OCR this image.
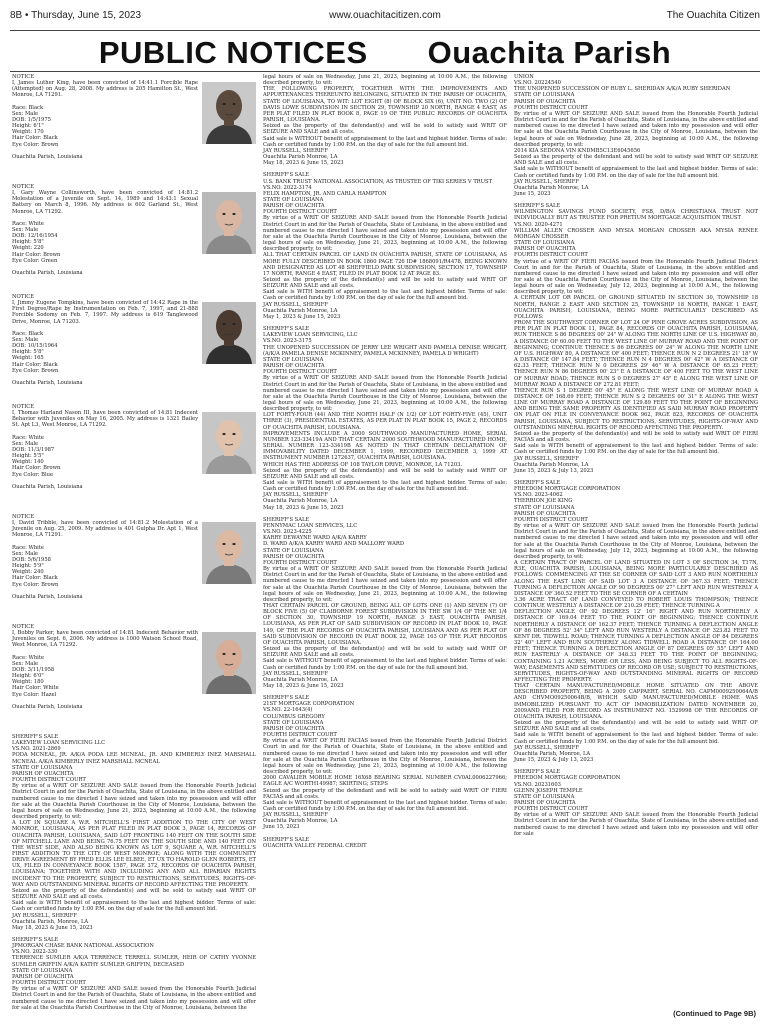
8B • Thursday, June 15, 2023	www.ouachitacitizen.com	The Ouachita Citizen
PUBLIC NOTICES Ouachita Parish

NOTICE

I, James Luther King, have been convicted of 14:41.1 Forcible Rape (Attempted) on Aug. 28, 2008. My address is 205 Hamilton St., West Monroe, LA 71291.

Race: Black

Sex: Male

DOB: 1/5/1975

Height: 6'1"

Weight: 170

Hair Color: Black

Eye Color: Brown

Ouachita Parish, Louisiana

NOTICE

I, Gary Wayne Collinsworth, have been convicted of 14:81.2 Molestation of a Juvenile on Sept. 14, 1989 and 14:43.1 Sexual Battery on March 8, 1996. My address is 602 Garland St., West Monroe, LA 71292.

Race: White

Sex: Male

DOB: 12/16/1954

Height: 5'8"

Weight: 220

Hair Color: Brown

Eye Color: Green

Ouachita Parish, Louisiana

NOTICE

I, Jimmy Eugene Tompkins, have been convicted of 14:42 Rape in the First Degree/Rape by Instrumentation on Feb. 7, 1997, and 21-888 Forcible Sodomy on Feb. 7, 1997. My address is 619 Tanglewood Drive, Monroe, LA 71203.

Race: Black

Sex: Male

DOB: 10/15/1964

Height: 5'8"

Weight: 165

Hair Color: Black

Eye Color: Brown

Ouachita Parish, Louisiana

NOTICE

I, Thomas Harland Nason III, have been convicted of 14:81 Indecent Behavior with Juveniles on May 16, 2005. My address is 1321 Bailey St. Apt L3, West Monroe, LA 71292.

Race: White

Sex: Male

DOB: 11/3/1987

Height: 5'5"

Weight: 140

Hair Color: Brown

Eye Color: Blue

Ouachita Parish, Louisiana

NOTICE

I, David Tribble, have been convicted of 14:81.2 Molestation of a Juvenile on Aug. 25, 2009. My address is 401 Gulpha Dr. Apt 1, West Monroe, LA 71291.

Race: White

Sex: Male

DOB: 5/6/1958

Height: 5'9"

Weight: 240

Hair Color: Black

Eye Color: Brown

Ouachita Parish, Louisiana

NOTICE

I, Bobby Parker, have been convicted of 14:81 Indecent Behavior with Juveniles on Sept. 6, 2006. My address is 1000 Watson School Road, West Monroe, LA 71292.

Race: White

Sex: Male

DOB: 3/11/1958

Height: 6'0"

Weight: 180

Hair Color: White

Eye Color: Hazel

Ouachita Parish, Louisiana

SHERIFF'S SALE

LAKEVIEW LOAN SERVICING LLC

VS.NO. 2021-2869

PODA MCNEAL, JR. A/K/A PODA LEE MCNEAL, JR. AND KIMBERLY INEZ MARSHALL MCNEAL A/K/A KIMBERLY INEZ MARSHALL MCNEAL

STATE OF LOUISIANA

PARISH OF OUACHITA

FOURTH DISTRICT COURT

By virtue of a WRIT OF SEIZURE AND SALE issued from the Honorable Fourth Judicial District Court in and for the Parish of Ouachita, State of Louisiana, in the above entitled and numbered cause to me directed I have seized and taken into my possession and will offer for sale at the Ouachita Parish Courthouse in the City of Monroe, Louisiana, between the legal hours of sale on Wednesday, June 21, 2023, beginning at 10:00 A.M., the following described property, to wit:

A LOT IN SQUARE A W.R. MITCHELL'S FIRST ADDITION TO THE CITY OF WEST MONROE, LOUISIANA, AS PER PLAT FILED IN PLAT BOOK 3, PAGE 14, RECORDS OF OUACHITA PARISH, LOUISIANA, SAID LOT FRONTING 140 FEET ON THE SOUTH SIDE OF MITCHELL LANE AND BEING 76.75 FEET ON THE SOUTH SIDE AND 140 FEET ON THE WEST SIDE, AND ALSO BEING KNOWN AS LOT 9, SQUARE A, W.R. MITCHELL'S FIRST ADDITION TO THE CITY OF WEST MONROE; ALONG WITH THE COMMUNITY DRIVE AGREEMENT BY FRED ELLIS LEE ELBEE, ET UX TO HAROLD GLEN ROBERTS, ET UX, FILED IN CONVEYANCE BOOK 1587, PAGE 372, RECORDS OF OUACHITA PARISH, LOUISIANA; TOGETHER WITH AND INCLUDING ANY AND ALL RIPARIAN RIGHTS INCIDENT TO THE PROPERTY, SUBJECT TO RESTRICTIONS, SERVITUDES, RIGHTS-OF-WAY AND OUTSTANDING MINERAL RIGHTS OF RECORD AFFECTING THE PROPERTY.

Seized as the property of the defendant(s) and will be sold to satisfy said WRIT OF SEIZURE AND SALE and all costs.

Said sale is WITH benefit of appraisement to the last and highest bidder. Terms of sale: Cash or certified funds by 1:00 P.M. on the day of sale for the full amount bid.

JAY RUSSELL, SHERIFF

Ouachita Parish, Monroe, LA

May 18, 2023 & June 15, 2023

SHERIFF'S SALE

JPMORGAN CHASE BANK NATIONAL ASSOCIATION

VS.NO. 2022-330

TERRENCE SUMLER A/K/A TERRENCE TERRELL SUMLER, HEIR OF CATHY YVONNE SUMLER GRIFFIN A/K/A KATHY SUMLER GRIFFIN, DECEASED

STATE OF LOUISIANA

PARISH OF OUACHITA

FOURTH DISTRICT COURT

By virtue of a WRIT OF SEIZURE AND SALE issued from the Honorable Fourth Judicial District Court in and for the Parish of Ouachita, State of Louisiana, in the above entitled and numbered cause to me directed I have seized and taken into my possession and will offer for sale at the Ouachita Parish Courthouse in the City of Monroe, Louisiana, between the

legal hours of sale on Wednesday, June 21, 2023, beginning at 10:00 A.M., the following described property, to wit:

THE FOLLOWING PROPERTY, TOGETHER WITH THE IMPROVEMENTS AND APPURTENANCES THEREUNTO BELONGING, SITUATED IN THE PARISH OF OUACHITA, STATE OF LOUISIANA, TO WIT: LOT EIGHT (8) OF BLOCK SIX (6), UNIT NO. TWO (2) OF DAVIS LOWE SUBDIVISION IN SECTION 29, TOWNSHIP 20 NORTH, RANGE 4 EAST, AS PER PLAT FILED IN PLAT BOOK 8, PAGE 19 OF THE PUBLIC RECORDS OF OUACHITA PARISH, LOUISIANA.

Seized as the property of the defendant(s) and will be sold to satisfy said WRIT OF SEIZURE AND SALE and all costs.

Said sale is WITHOUT benefit of appraisement to the last and highest bidder. Terms of sale: Cash or certified funds by 1:00 P.M. on the day of sale for the full amount bid.

JAY RUSSELL, SHERIFF

Ouachita Parish Monroe, LA

May 18, 2023 & June 15, 2023

SHERIFF'S SALE

U.S. BANK TRUST NATIONAL ASSOCIATION, AS TRUSTEE OF TIKI SERIES V TRUST

VS.NO. 2022-3174

FELIX HAMPTON, JR. AND CARLA HAMPTON

STATE OF LOUISIANA

PARISH OF OUACHITA

FOURTH DISTRICT COURT

By virtue of a WRIT OF SEIZURE AND SALE issued from the Honorable Fourth Judicial District Court in and for the Parish of Ouachita, State of Louisiana, in the above entitled and numbered cause to me directed I have seized and taken into my possession and will offer for sale at the Ouachita Parish Courthouse in the City of Monroe, Louisiana, between the legal hours of sale on Wednesday, June 21, 2023, beginning at 10:00 A.M., the following described property, to wit:

ALL THAT CERTAIN PARCEL OF LAND IN OUACHITA PARISH, STATE OF LOUISIANA, AS MORE FULLY DESCRIBED IN BOOK 1860 PAGE 726 ID# 1868091/R4478, BEING KNOWN AND DESIGNATED AS LOT 48 SHEFFIELD PARK SUBDIVISION, SECTION 17, TOWNSHIP 17 NORTH, RANGE 4 EAST, FILED IN PLAT BOOK 12 AT PAGE 83.

Seized as the property of the defendant(s) and will be sold to satisfy said WRIT OF SEIZURE AND SALE and all costs.

Said sale is WITH benefit of appraisement to the last and highest bidder. Terms of sale: Cash or certified funds by 1:00 P.M. on the day of sale for the full amount bid.

JAY RUSSELL, SHERIFF

Ouachita Parish Monroe, LA

May 1, 2023 & June 15, 2023

SHERIFF'S SALE

LAKEVIEW LOAN SERVICING, LLC

VS.NO. 2023-3175

THE UNOPENED SUCCESSION OF JERRY LEE WRIGHT AND PAMELA DENISE WRIGHT, (A/K/A PAMELA DENISE MCKINNEY, PAMELA MCKINNEY, PAMELA D WRIGHT)

STATE OF LOUISIANA

PARISH OF OUACHITA

FOURTH DISTRICT COURT

By virtue of a WRIT OF SEIZURE AND SALE issued from the Honorable Fourth Judicial District Court in and for the Parish of Ouachita, State of Louisiana, in the above entitled and numbered cause to me directed I have seized and taken into my possession and will offer for sale at the Ouachita Parish Courthouse in the City of Monroe, Louisiana, between the legal hours of sale on Wednesday, June 21, 2023, beginning at 10:00 A.M., the following described property, to wit:

LOT FORTY-FOUR (44) AND THE NORTH HALF (N 1/2) OF LOT FORTY-FIVE (45), UNIT THREE (3), PRESIDENTIAL ESTATES, AS PER PLAT IN PLAT BOOK 15, PAGE 2, RECORDS OF OUACHITA PARISH, LOUISIANA.

IMPROVEMENTS INCLUDE A 2000 SOUTHWOOD MANUFACTURED HOME, SERIAL NUMBER 123-33419A AND THAT CERTAIN 2000 SOUTHWOOD MANUFACTURED HOME, SERIAL NUMBER 123-33419B AS NOTED IN THAT CERTAIN DECLARATION OF IMMOVABILITY DATED DECEMBER 1, 1999, RECORDED DECEMBER 3, 1999 AT INSTRUMENT NUMBER 1272637, OUACHITA PARISH, LOUISIANA.

WHICH HAS THE ADDRESS OF 108 TAYLOR DRIVE, MONROE, LA 71203.

Seized as the property of the defendant(s) and will be sold to satisfy said WRIT OF SEIZURE AND SALE and all costs.

Said sale is WITH benefit of appraisement to the last and highest bidder. Terms of sale: Cash or certified funds by 1:00 P.M. on the day of sale for the full amount bid.

JAY RUSSELL, SHERIFF

Ouachita Parish Monroe, LA

May 18, 2023 & June 15, 2023

SHERIFF'S SALE

PENNYMAC LOAN SERVICES, LLC

VS.NO. 2023-4225

KARRY DEWAYNE WARD A/K/A KARRY

D. WARD A/K/A KARRY WARD AND MALLORY WARD

STATE OF LOUISIANA

PARISH OF OUACHITA

FOURTH DISTRICT COURT

By virtue of a WRIT OF SEIZURE AND SALE issued from the Honorable Fourth Judicial District Court in and for the Parish of Ouachita, State of Louisiana, in the above entitled and numbered cause to me directed I have seized and taken into my possession and will offer for sale at the Ouachita Parish Courthouse in the City of Monroe, Louisiana, between the legal hours of sale on Wednesday, June 21, 2023, beginning at 10:00 A.M., the following described property, to wit:

THAT CERTAIN PARCEL OF GROUND, BEING ALL OF LOTS ONE (1) AND SEVEN (7) OF BLOCK FIVE (5) OF CLAIBORNE FOREST SUBDIVISION IN THE SW 1/4 OF THE NE 1/4 OF SECTION 30, TOWNSHIP 19 NORTH, RANGE 3 EAST, OUACHITA PARISH, LOUISIANA, AS PER PLAT OF SAID SUBDIVISION OF RECORD IN PLAT BOOK 10, PAGE 149, OF THE PLAT RECORDS OF OUACHITA PARISH, LOUISIANA AND AS PER PLAT OF SAID SUBDIVISION OF RECORD IN PLAT BOOK 22, PAGE 163 OF THE PLAT RECORDS OF OUACHITA PARISH, LOUISIANA.

Seized as the property of the defendant(s) and will be sold to satisfy said WRIT OF SEIZURE AND SALE and all costs.

Said sale is WITHOUT benefit of appraisement to the last and highest bidder. Terms of sale: Cash or certified funds by 1:00 P.M. on the day of sale for the full amount bid.

JAY RUSSELL, SHERIFF

Ouachita Parish Monroe, LA

May 18, 2023 & June 15, 2023

SHERIFF'S SALE

21ST MORTGAGE CORPORATION

VS.NO. 22-1643(4)

COLUMBUS GREGORY

STATE OF LOUISIANA

PARISH OF OUACHITA

FOURTH DISTRICT COURT

By virtue of a WRIT OF FIERI FACIAS issued from the Honorable Fourth Judicial District Court in and for the Parish of Ouachita, State of Louisiana, in the above entitled and numbered cause to me directed I have seized and taken into my possession and will offer for sale at the Ouachita Parish Courthouse in the City of Monroe, Louisiana, between the legal hours of sale on Wednesday, June 21, 2023, beginning at 10:00 A.M., the following described property, to wit:

2000 CAVALIER MOBILE HOME 16X68 BEARING SERIAL NUMBER CV0AL0006227966; EAGLE A/C WORTH149987; SKIRTING; STEPS

Seized as the property of the defendant and will be sold to satisfy said WRIT OF FIERI FACIAS and all costs.

Said sale is WITHOUT benefit of appraisement to the last and highest bidder. Terms of sale: Cash or certified funds by 1:00 P.M. on the day of sale for the full amount bid.

JAY RUSSELL, SHERIFF

Ouachita Parish Monroe, LA

June 15, 2023

SHERIFF'S SALE

OUACHITA VALLEY FEDERAL CREDIT

UNION

VS.NO. 20224540

THE UNOPENED SUCCESSION OF RUBY L. SHERIDAN A/K/A RUBY SHERIDAN

STATE OF LOUISIANA

PARISH OF OUACHITA

FOURTH DISTRICT COURT

By virtue of a WRIT OF SEIZURE AND SALE issued from the Honorable Fourth Judicial District Court in and for the Parish of Ouachita, State of Louisiana, in the above entitled and numbered cause to me directed I have seized and taken into my possession and will offer for sale at the Ouachita Parish Courthouse in the City of Monroe, Louisiana, between the legal hours of sale on Wednesday, June 28, 2023, beginning at 10:00 A.M., the following described property, to wit:

2014 KIA SEDONA VIN KNDMB5C13E6045656

Seized as the property of the defendant and will be sold to satisfy said WRIT OF SEIZURE AND SALE and all costs.

Said sale is WITHOUT benefit of appraisement to the last and highest bidder. Terms of sale: Cash or certified funds by 1:00 P.M. on the day of sale for the full amount bid.

JAY RUSSELL, SHERIFF

Ouachita Parish Monroe, LA

June 15, 2023

SHERIFF'S SALE

WILMINGTON SAVINGS FUND SOCIETY, FSB, D/B/A CHRISTIANA TRUST NOT INDIVIDUALLY BUT AS TRUSTEE FOR PRETIUM MORTGAGE ACQUISITION TRUST

VS.NO. 2020-4271

WILLIAM ALLEN CROSSER AND MYSIA MORGAN CROSSER AKA MYSIA RENEE MORGAN CROSSER

STATE OF LOUISIANA

PARISH OF OUACHITA

FOURTH DISTRICT COURT

By virtue of a WRIT OF FIERI FACIAS issued from the Honorable Fourth Judicial District Court in and for the Parish of Ouachita, State of Louisiana, in the above entitled and numbered cause to me directed I have seized and taken into my possession and will offer for sale at the Ouachita Parish Courthouse in the City of Monroe, Louisiana, between the legal hours of sale on Wednesday, July 12, 2023, beginning at 10:00 A.M., the following described property, to wit:

A CERTAIN LOT OR PARCEL OF GROUND SITUATED IN SECTION 30, TOWNSHIP 18 NORTH, RANGE 2 EAST AND SECTION 25, TOWNSHIP 18 NORTH, RANGE 1 EAST, OUACHITA PARISH, LOUISIANA, BEING MORE PARTICULARLY DESCRIBED AS FOLLOWS:

FROM THE SOUTHWEST CORNER OF LOT 24 OF PINE GROVE ACRES SUBDIVISION, AS PER PLAT IN PLAT BOOK 11, PAGE 84, RECORDS OF OUACHITA PARISH, LOUISIANA, RUN THENCE S 86 DEGREES 00' 24" W ALONG THE NORTH LINE OF U.S. HIGHWAY 80, A DISTANCE OF 60.00 FEET TO THE WEST LINE OF MURRAY ROAD AND THE POINT OF BEGINNING; CONTINUE THENCE S 86 DEGREES 00' 24" W ALONG THE NORTH LINE OF U.S. HIGHWAY 80, A DISTANCE OF 400 FEET; THENCE RUN N 2 DEGREES 21' 18" W A DISTANCE OF 147.84 FEET; THENCE RUN N 4 DEGREES 00' 42" W A DISTANCE OF 62.33 FEET; THENCE RUN N 0 DEGREES 29' 46" W A DISTANCE OF 65.23 FEET; THENCE RUN N 86 DEGREES 00' 23" E A DISTANCE OF 400 FEET TO THE WEST LINE OF MURRAY ROAD; THENCE RUN S 0 DEGREES 27' 45" E ALONG THE WEST LINE OF MURRAY ROAD A DISTANCE OF 272.81 FEET;

THENCE RUN S 1 DEGREE 00' 45" E ALONG THE WEST LINE OF MURRAY ROAD A DISTANCE OF 168.69 FEET; THENCE RUN S 2 DEGREES 00' 31" E ALONG THE WEST LINE OF MURRAY ROAD A DISTANCE OF 129.89 FEET TO THE POINT OF BEGINNING AND BEING THE SAME PROPERTY AS IDENTIFIED AS SAID MURRAY ROAD PROPERTY ON PLAT ON FILE IN CONVEYANCE BOOK 962, PAGE 823, RECORDS OF OUACHITA PARISH, LOUISIANA, SUBJECT TO RESTRICTIONS, SERVITUDES, RIGHTS-OF-WAY AND OUTSTANDING MINERAL RIGHTS OF RECORD AFFECTING THE PROPERTY.

Seized as the property of the defendant(s) and will be sold to satisfy said WRIT OF FIERI FACIAS and all costs.

Said sale is WITH benefit of appraisement to the last and highest bidder. Terms of sale: Cash or certified funds by 1:00 P.M. on the day of sale for the full amount bid.

JAY RUSSELL, SHERIFF

Ouachita Parish Monroe, LA

June 15, 2023 & July 13, 2023

SHERIFF'S SALE

FREEDOM MORTGAGE CORPORATION

VS.NO. 2023-4062

THERRION JOE KING

STATE OF LOUISIANA

PARISH OF OUACHITA

FOURTH DISTRICT COURT

By virtue of a WRIT OF SEIZURE AND SALE issued from the Honorable Fourth Judicial District Court in and for the Parish of Ouachita, State of Louisiana, in the above entitled and numbered cause to me directed I have seized and taken into my possession and will offer for sale at the Ouachita Parish Courthouse in the City of Monroe, Louisiana, between the legal hours of sale on Wednesday, July 12, 2023, beginning at 10:00 A.M., the following described property, to wit:

A CERTAIN TRACT OF PARCEL OF LAND SITUATED IN LOT 3 OF SECTION 34, T17N, R3E, OUACHITA PARISH, LOUISIANA, BEING MORE PARTICULARLY DESCRIBED AS FOLLOWS: COMMENCING AT THE SE CORNER OF SAID LOT 3 AND RUN NORTHERLY ALONG THE EAST LINE OF SAID LOT 3 A DISTANCE OF 367.33 FEET; THENCE TURNING A DEFLECTION ANGLE OF 90 DEGREES 00' 27" LEFT AND RUN WESTERLY A DISTANCE OF 360.52 FEET TO THE SE CORNER OF A CERTAIN

3.36 ACRE TRACT OF LAND CONVEYED TO ROBERT LOUIS THOMPSON; THENCE CONTINUE WESTERLY A DISTANCE OF 210.29 FEET; THENCE TURNING A

DEFLECTION ANGLE OF 92 DEGREES 12' 16" RIGHT AND RUN NORTHERLY A DISTANCE OF 169.04 FEET TO THE POINT OF BEGINNING; THENCE CONTINUE NORTHERLY A DISTANCE OF 162.37 FEET; THENCE TURNING A DEFLECTION ANGLE OF 86 DEGREES 52' 34" LEFT AND RUN WESTERLY A DISTANCE OF 323.82 FEET TO KENT DR. TIDWELL ROAD; THENCE TURNING A DEFLECTION ANGLE OF 84 DEGREES 32' 40" LEFT AND RUN SOUTHERLY ALONG TIDWELL ROAD A DISTANCE OF 164.00 FEET; THENCE TURNING A DEFLECTION ANGLE OF 87 DEGREES 05' 55" LEFT AND RUN EASTERLY A DISTANCE OF 348.33 FEET TO THE POINT OF BEGINNING; CONTAINING 1.21 ACRES, MORE OR LESS, AND BEING SUBJECT TO ALL RIGHTS-OF-WAY, EASEMENTS AND SERVITUDES OF RECORD OR USE; SUBJECT TO RESTRICTIONS, SERVITUDES, RIGHTS-OF-WAY AND OUTSTANDING MINERAL RIGHTS OF RECORD AFFECTING THE PROPERTY.

THAT CERTAIN MANUFACTURED/MOBILE HOME SITUATED ON THE ABOVE DESCRIBED PROPERTY, BEING A 2009 CAPPAERT, SERIAL NO. CAPM0009250064A/B AND CHVMO09250064B/B, WHICH SAID MANUFACTURED/MOBILE HOME WAS IMMOBILIZED PURSUANT TO ACT OF IMMOBILIZATION DATED NOVEMBER 20, 2009AND FILED FOR RECORD AS INSTRUMENT NO. 1529998 OF THE RECORDS OF OUACHITA PARISH, LOUISIANA.

Seized as the property of the defendant(s) and will be sold to satisfy said WRIT OF SEIZURE AND SALE and all costs.

Said sale is WITH benefit of appraisement to the last and highest bidder. Terms of sale: Cash or certified funds by 1:00 P.M. on the day of sale for the full amount bid.

JAY RUSSELL, SHERIFF

Ouachita Parish, Monroe, LA

June 15, 2023 & July 13, 2023

SHERIFF'S SALE

FREEDOM MORTGAGE CORPORATION

VS.NO. 20231603

GLENN JOSEPH TEMPLE

STATE OF LOUISIANA

PARISH OF OUACHITA

FOURTH DISTRICT COURT

By virtue of a WRIT OF SEIZURE AND SALE issued from the Honorable Fourth Judicial District Court in and for the Parish of Ouachita, State of Louisiana, in the above entitled and numbered cause to me directed I have seized and taken into my possession and will offer for sale

(Continued to Page 9B)
